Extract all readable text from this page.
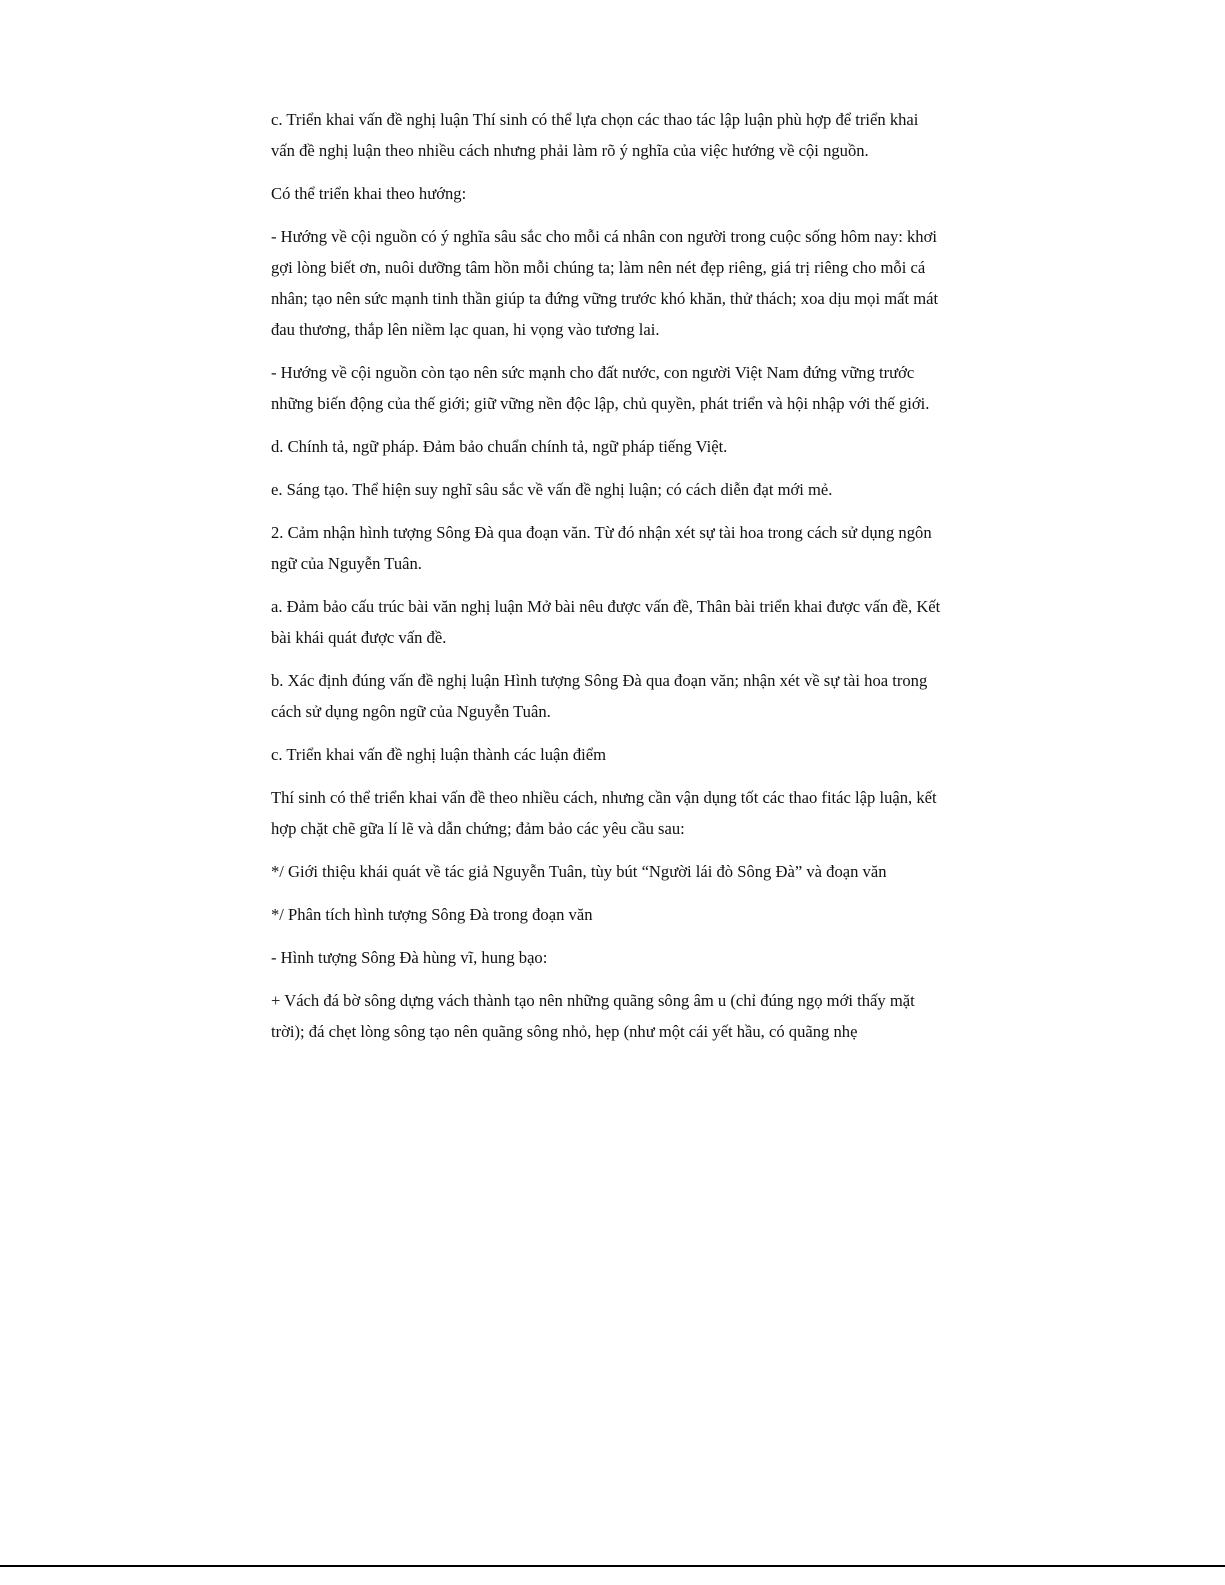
c. Triển khai vấn đề nghị luận Thí sinh có thể lựa chọn các thao tác lập luận phù hợp để triển khai vấn đề nghị luận theo nhiều cách nhưng phải làm rõ ý nghĩa của việc hướng về cội nguồn.

Có thể triển khai theo hướng:

- Hướng về cội nguồn có ý nghĩa sâu sắc cho mỗi cá nhân con người trong cuộc sống hôm nay: khơi gợi lòng biết ơn, nuôi dưỡng tâm hồn mỗi chúng ta; làm nên nét đẹp riêng, giá trị riêng cho mỗi cá nhân; tạo nên sức mạnh tinh thần giúp ta đứng vững trước khó khăn, thử thách; xoa dịu mọi mất mát đau thương, thắp lên niềm lạc quan, hi vọng vào tương lai.

- Hướng về cội nguồn còn tạo nên sức mạnh cho đất nước, con người Việt Nam đứng vững trước những biến động của thế giới; giữ vững nền độc lập, chủ quyền, phát triển và hội nhập với thế giới.

d. Chính tả, ngữ pháp. Đảm bảo chuẩn chính tả, ngữ pháp tiếng Việt.

e. Sáng tạo. Thể hiện suy nghĩ sâu sắc về vấn đề nghị luận; có cách diễn đạt mới mẻ.

2. Cảm nhận hình tượng Sông Đà qua đoạn văn. Từ đó nhận xét sự tài hoa trong cách sử dụng ngôn ngữ của Nguyễn Tuân.

a. Đảm bảo cấu trúc bài văn nghị luận Mở bài nêu được vấn đề, Thân bài triển khai được vấn đề, Kết bài khái quát được vấn đề.

b. Xác định đúng vấn đề nghị luận Hình tượng Sông Đà qua đoạn văn; nhận xét về sự tài hoa trong cách sử dụng ngôn ngữ của Nguyễn Tuân.

c. Triển khai vấn đề nghị luận thành các luận điểm

Thí sinh có thể triển khai vấn đề theo nhiều cách, nhưng cần vận dụng tốt các thao fitác lập luận, kết hợp chặt chẽ gữa lí lẽ và dẫn chứng; đảm bảo các yêu cầu sau:

*/ Giới thiệu khái quát về tác giả Nguyễn Tuân, tùy bút “Người lái đò Sông Đà” và đoạn văn

*/ Phân tích hình tượng Sông Đà trong đoạn văn

- Hình tượng Sông Đà hùng vĩ, hung bạo:

+ Vách đá bờ sông dựng vách thành tạo nên những quãng sông âm u (chỉ đúng ngọ mới thấy mặt trời); đá chẹt lòng sông tạo nên quãng sông nhỏ, hẹp (như một cái yết hầu, có quãng nhẹ
